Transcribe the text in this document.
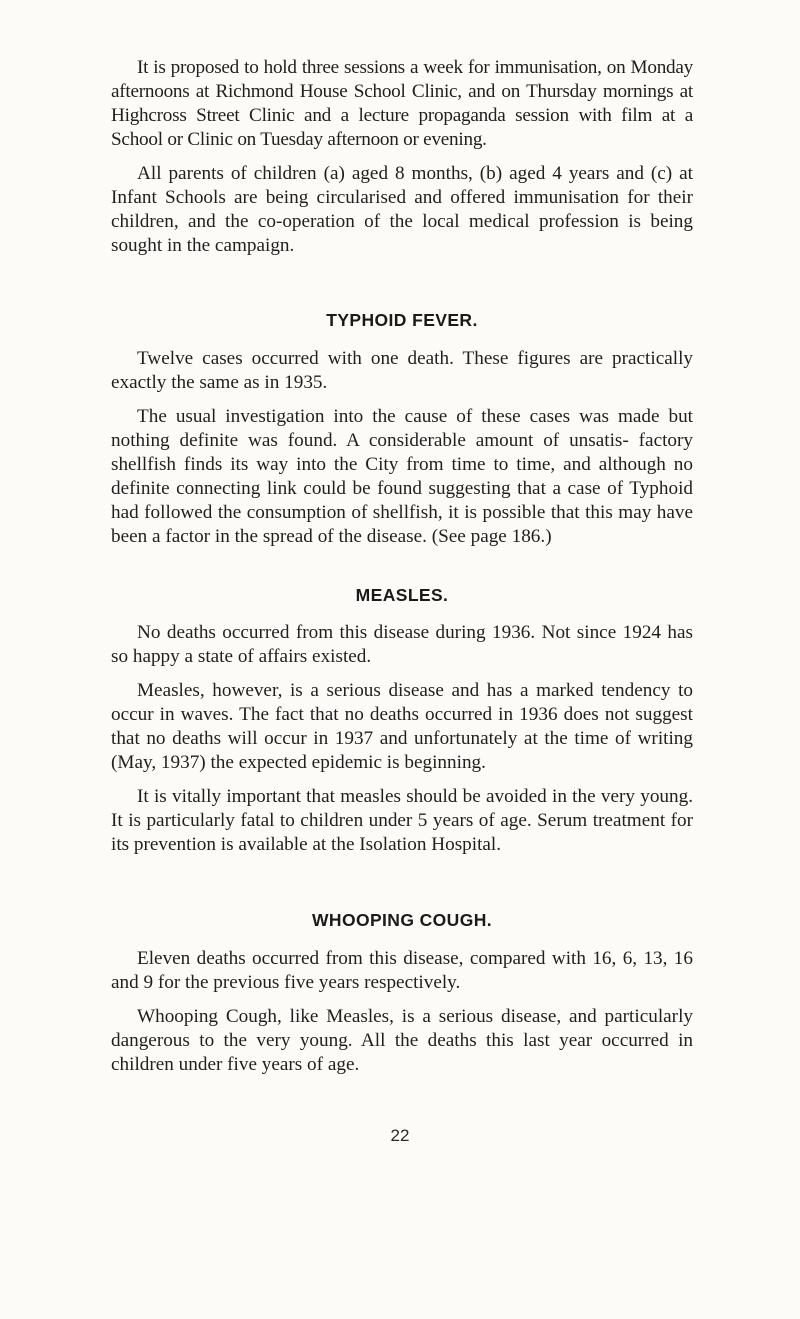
It is proposed to hold three sessions a week for immunisation, on Monday afternoons at Richmond House School Clinic, and on Thursday mornings at Highcross Street Clinic and a lecture propaganda session with film at a School or Clinic on Tuesday afternoon or evening.

All parents of children (a) aged 8 months, (b) aged 4 years and (c) at Infant Schools are being circularised and offered immunisation for their children, and the co-operation of the local medical profession is being sought in the campaign.

TYPHOID FEVER.

Twelve cases occurred with one death. These figures are practically exactly the same as in 1935.

The usual investigation into the cause of these cases was made but nothing definite was found. A considerable amount of unsatis- factory shellfish finds its way into the City from time to time, and although no definite connecting link could be found suggesting that a case of Typhoid had followed the consumption of shellfish, it is possible that this may have been a factor in the spread of the disease. (See page 186.)

MEASLES.

No deaths occurred from this disease during 1936. Not since 1924 has so happy a state of affairs existed.

Measles, however, is a serious disease and has a marked tendency to occur in waves. The fact that no deaths occurred in 1936 does not suggest that no deaths will occur in 1937 and unfortunately at the time of writing (May, 1937) the expected epidemic is beginning.

It is vitally important that measles should be avoided in the very young. It is particularly fatal to children under 5 years of age. Serum treatment for its prevention is available at the Isolation Hospital.

WHOOPING COUGH.

Eleven deaths occurred from this disease, compared with 16, 6, 13, 16 and 9 for the previous five years respectively.

Whooping Cough, like Measles, is a serious disease, and particularly dangerous to the very young. All the deaths this last year occurred in children under five years of age.

22
